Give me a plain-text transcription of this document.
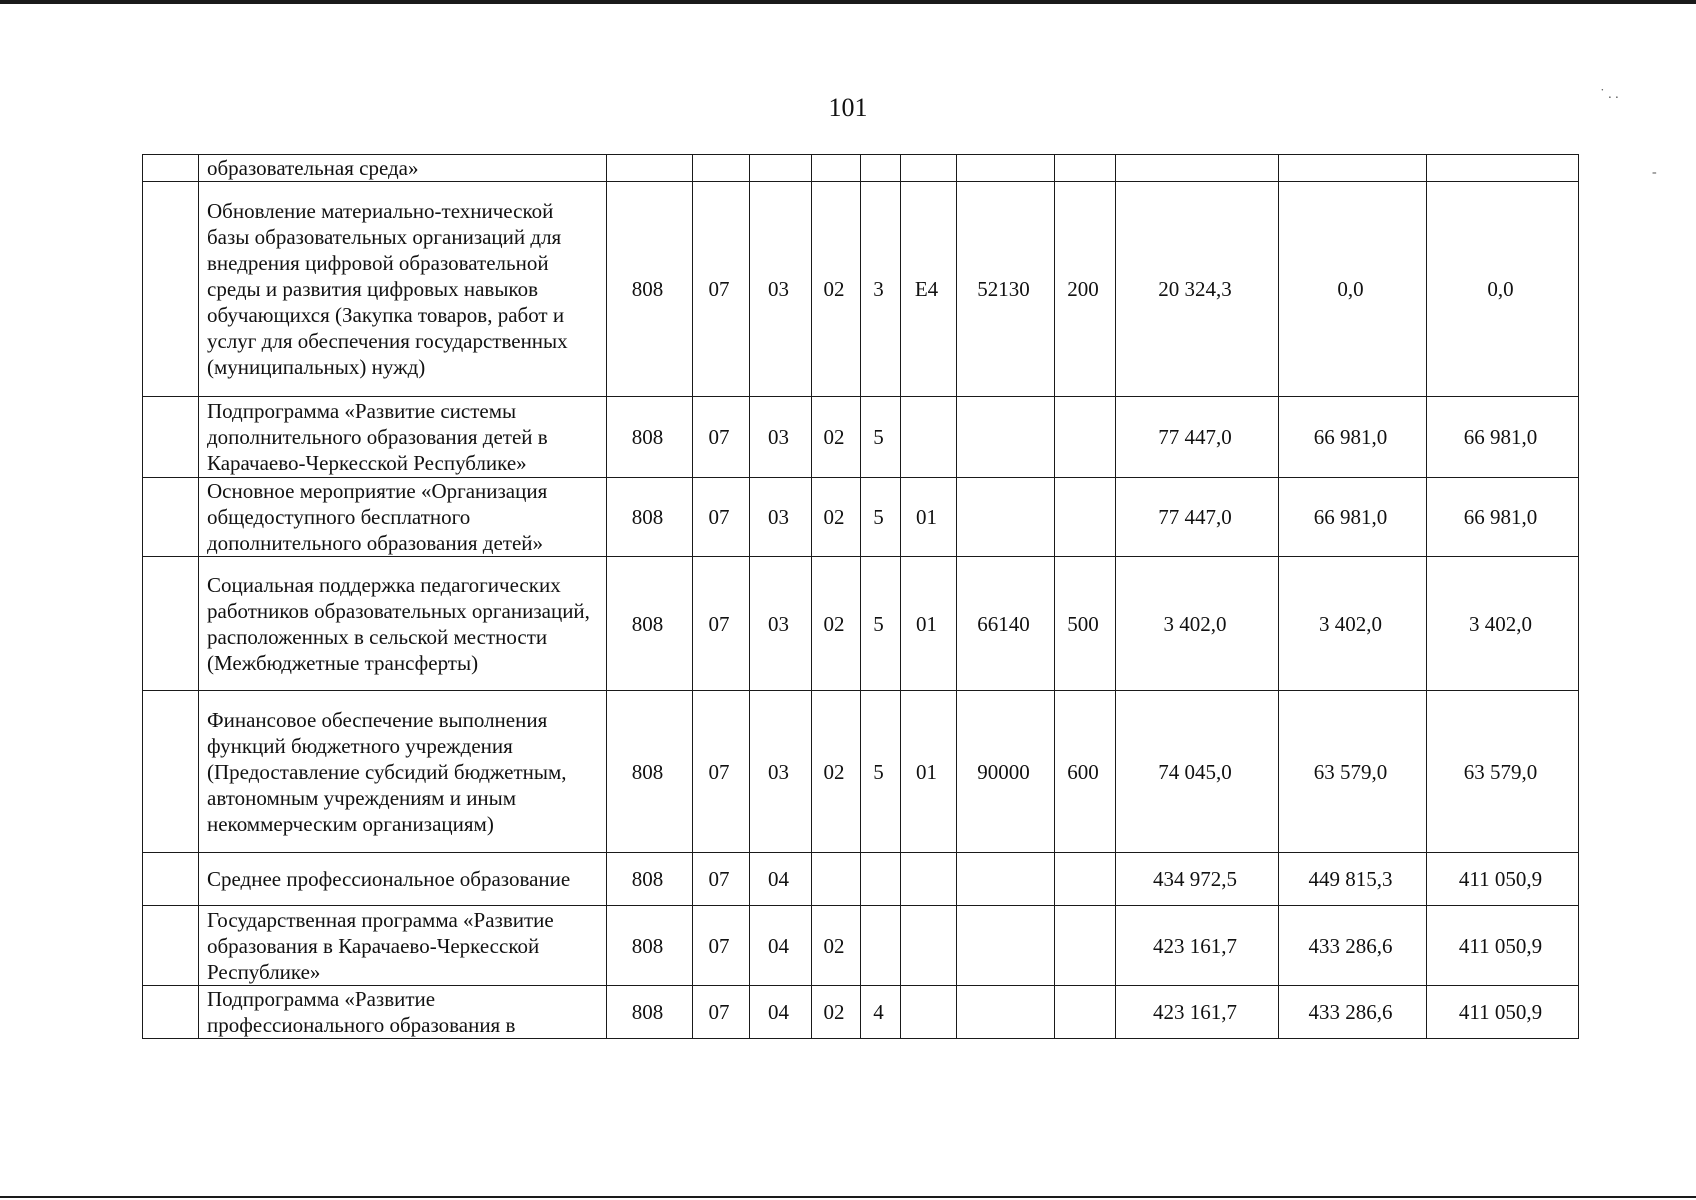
101
	образовательная среда»											
	Обновление материально-технической базы образовательных организаций для внедрения цифровой образовательной среды и развития цифровых навыков обучающихся (Закупка товаров, работ и услуг для обеспечения государственных (муниципальных) нужд)	808	07	03	02	3	E4	52130	200	20 324,3	0,0	0,0
	Подпрограмма «Развитие системы дополнительного образования детей в Карачаево-Черкесской Республике»	808	07	03	02	5				77 447,0	66 981,0	66 981,0
	Основное мероприятие «Организация общедоступного бесплатного дополнительного образования детей»	808	07	03	02	5	01			77 447,0	66 981,0	66 981,0
	Социальная поддержка педагогических работников образовательных организаций, расположенных в сельской местности (Межбюджетные трансферты)	808	07	03	02	5	01	66140	500	3 402,0	3 402,0	3 402,0
	Финансовое обеспечение выполнения функций бюджетного учреждения (Предоставление субсидий бюджетным, автономным учреждениям и иным некоммерческим организациям)	808	07	03	02	5	01	90000	600	74 045,0	63 579,0	63 579,0
	Среднее профессиональное образование	808	07	04						434 972,5	449 815,3	411 050,9
	Государственная программа «Развитие образования в Карачаево-Черкесской Республике»	808	07	04	02					423 161,7	433 286,6	411 050,9
	Подпрограмма «Развитие профессионального образования в	808	07	04	02	4				423 161,7	433 286,6	411 050,9
˙ . .
-
